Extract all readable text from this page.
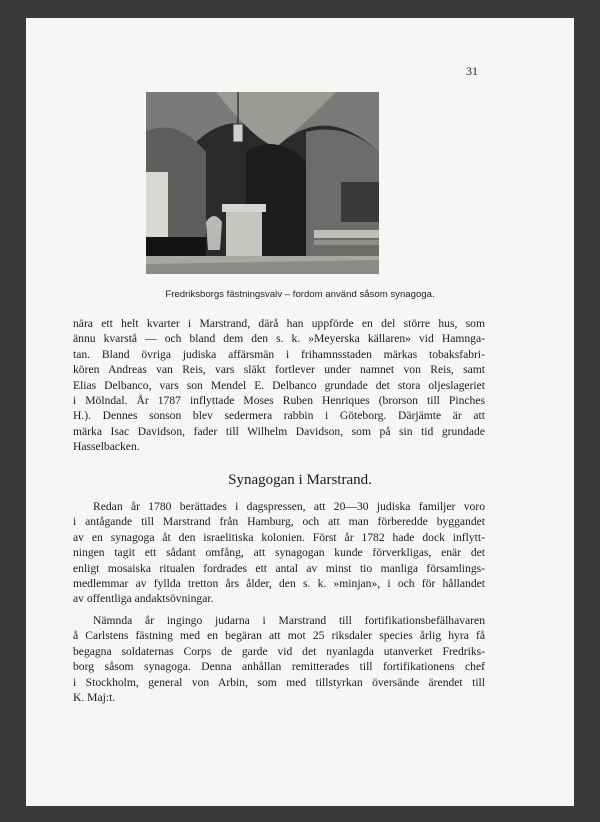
31
Fredriksborgs fästningsvalv – fordom använd såsom synagoga.
nära ett helt kvarter i Marstrand, därå han uppförde en del större hus, som
ännu kvarstå — och bland dem den s. k. »Meyerska källaren» vid Hamnga-
tan. Bland övriga judiska affärsmän i frihamnsstaden märkas tobaksfabri-
kören Andreas van Reis, vars släkt fortlever under namnet von Reis, samt
Elias Delbanco, vars son Mendel E. Delbanco grundade det stora oljeslageriet
i Mölndal. År 1787 inflyttade Moses Ruben Henriques (brorson till Pinches
H.). Dennes sonson blev sedermera rabbin i Göteborg. Därjämte är att
märka Isac Davidson, fader till Wilhelm Davidson, som på sin tid grundade
Hasselbacken.
Synagogan i Marstrand.
Redan år 1780 berättades i dagspressen, att 20—30 judiska familjer voro
i antågande till Marstrand från Hamburg, och att man förberedde byggandet
av en synagoga åt den israelitiska kolonien. Först år 1782 hade dock inflytt-
ningen tagit ett sådant omfång, att synagogan kunde förverkligas, enär det
enligt mosaiska ritualen fordrades ett antal av minst tio manliga församlings-
medlemmar av fyllda tretton års ålder, den s. k. »minjan», i och för hållandet
av offentliga andaktsövningar.
Nämnda år ingingo judarna i Marstrand till fortifikationsbefälhavaren
å Carlstens fästning med en begäran att mot 25 riksdaler species årlig hyra få
begagna soldaternas Corps de garde vid det nyanlagda utanverket Fredriks-
borg såsom synagoga. Denna anhållan remitterades till fortifikationens chef
i Stockholm, general von Arbin, som med tillstyrkan översände ärendet till
K. Maj:t.
